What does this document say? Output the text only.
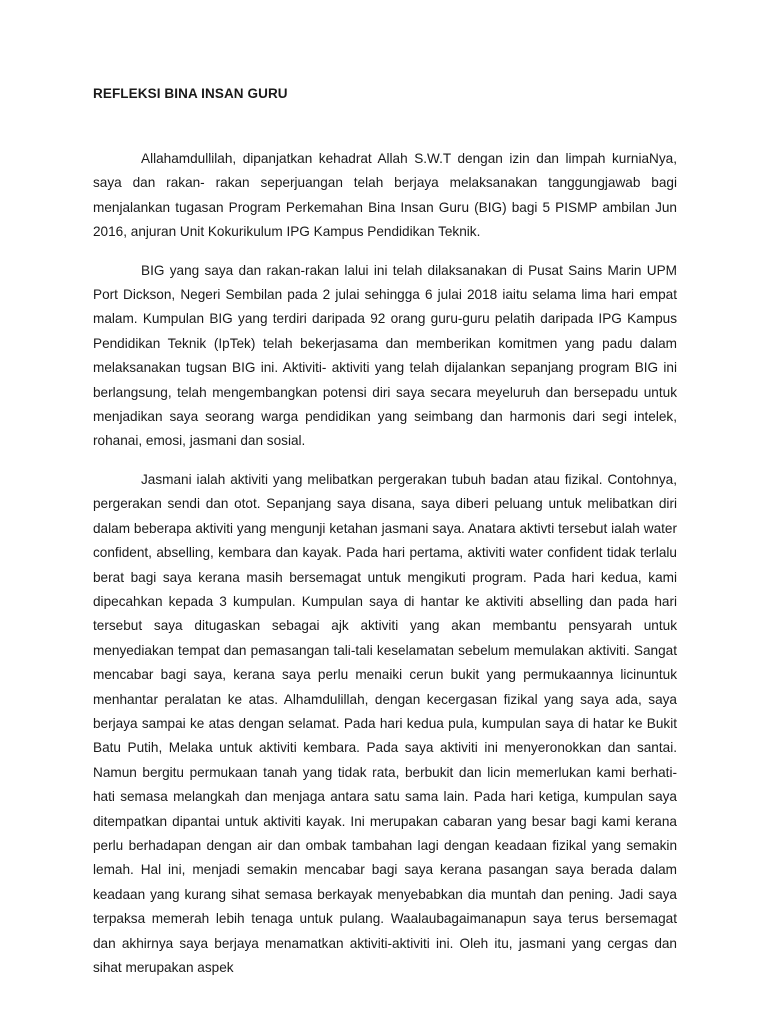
REFLEKSI BINA INSAN GURU

Allahamdullilah, dipanjatkan kehadrat Allah S.W.T dengan izin dan limpah kurniaNya, saya dan rakan- rakan seperjuangan telah berjaya melaksanakan tanggungjawab bagi menjalankan tugasan Program Perkemahan Bina Insan Guru (BIG) bagi 5 PISMP ambilan Jun 2016, anjuran Unit Kokurikulum IPG Kampus Pendidikan Teknik.

BIG yang saya dan rakan-rakan lalui ini telah dilaksanakan di Pusat Sains Marin UPM Port Dickson, Negeri Sembilan pada 2 julai sehingga 6 julai 2018 iaitu selama lima hari empat malam. Kumpulan BIG yang terdiri daripada 92 orang guru-guru pelatih daripada IPG Kampus Pendidikan Teknik (IpTek) telah bekerjasama dan memberikan komitmen yang padu dalam melaksanakan tugsan BIG ini. Aktiviti- aktiviti yang telah dijalankan sepanjang program BIG ini berlangsung, telah mengembangkan potensi diri saya secara meyeluruh dan bersepadu untuk menjadikan saya seorang warga pendidikan yang seimbang dan harmonis dari segi intelek, rohanai, emosi, jasmani dan sosial.

Jasmani ialah aktiviti yang melibatkan pergerakan tubuh badan atau fizikal. Contohnya, pergerakan sendi dan otot. Sepanjang saya disana, saya diberi peluang untuk melibatkan diri dalam beberapa aktiviti yang mengunji ketahan jasmani saya. Anatara aktivti tersebut ialah water confident, abselling, kembara dan kayak. Pada hari pertama, aktiviti water confident tidak terlalu berat bagi saya kerana masih bersemagat untuk mengikuti program. Pada hari kedua, kami dipecahkan kepada 3 kumpulan. Kumpulan saya di hantar ke aktiviti abselling dan pada hari tersebut saya ditugaskan sebagai ajk aktiviti yang akan membantu pensyarah untuk menyediakan tempat dan pemasangan tali-tali keselamatan sebelum memulakan aktiviti. Sangat mencabar bagi saya, kerana saya perlu menaiki cerun bukit yang permukaannya licinuntuk menhantar peralatan ke atas. Alhamdulillah, dengan kecergasan fizikal yang saya ada, saya berjaya sampai ke atas dengan selamat. Pada hari kedua pula, kumpulan saya di hatar ke Bukit Batu Putih, Melaka untuk aktiviti kembara. Pada saya aktiviti ini menyeronokkan dan santai. Namun bergitu permukaan tanah yang tidak rata, berbukit dan licin memerlukan kami berhati-hati semasa melangkah dan menjaga antara satu sama lain. Pada hari ketiga, kumpulan saya ditempatkan dipantai untuk aktiviti kayak. Ini merupakan cabaran yang besar bagi kami kerana perlu berhadapan dengan air dan ombak tambahan lagi dengan keadaan fizikal yang semakin lemah. Hal ini, menjadi semakin mencabar bagi saya kerana pasangan saya berada dalam keadaan yang kurang sihat semasa berkayak menyebabkan dia muntah dan pening. Jadi saya terpaksa memerah lebih tenaga untuk pulang. Waalaubagaimanapun saya terus bersemagat dan akhirnya saya berjaya menamatkan aktiviti-aktiviti ini. Oleh itu, jasmani yang cergas dan sihat merupakan aspek
